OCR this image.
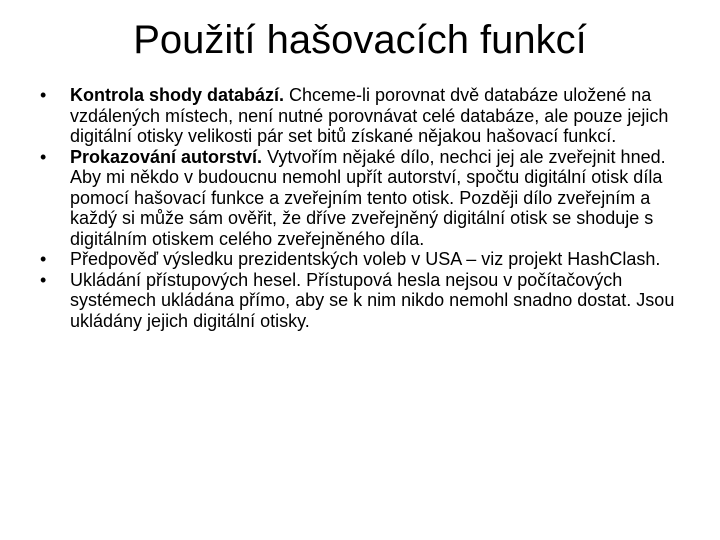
Použití hašovacích funkcí
•	Kontrola shody databází. Chceme-li porovnat dvě databáze uložené na vzdálených místech, není nutné porovnávat celé databáze, ale pouze jejich digitální otisky velikosti pár set bitů získané nějakou hašovací funkcí.
•	Prokazování autorství. Vytvořím nějaké dílo, nechci jej ale zveřejnit hned. Aby mi někdo v budoucnu nemohl upřít autorství, spočtu digitální otisk díla pomocí hašovací funkce a zveřejním tento otisk. Později dílo zveřejním a každý si může sám ověřit, že dříve zveřejněný digitální otisk se shoduje s digitálním otiskem celého zveřejněného díla.
•	Předpověď výsledku prezidentských voleb v USA – viz projekt HashClash.
•	Ukládání přístupových hesel. Přístupová hesla nejsou v počítačových systémech ukládána přímo, aby se k nim nikdo nemohl snadno dostat. Jsou ukládány jejich digitální otisky.
